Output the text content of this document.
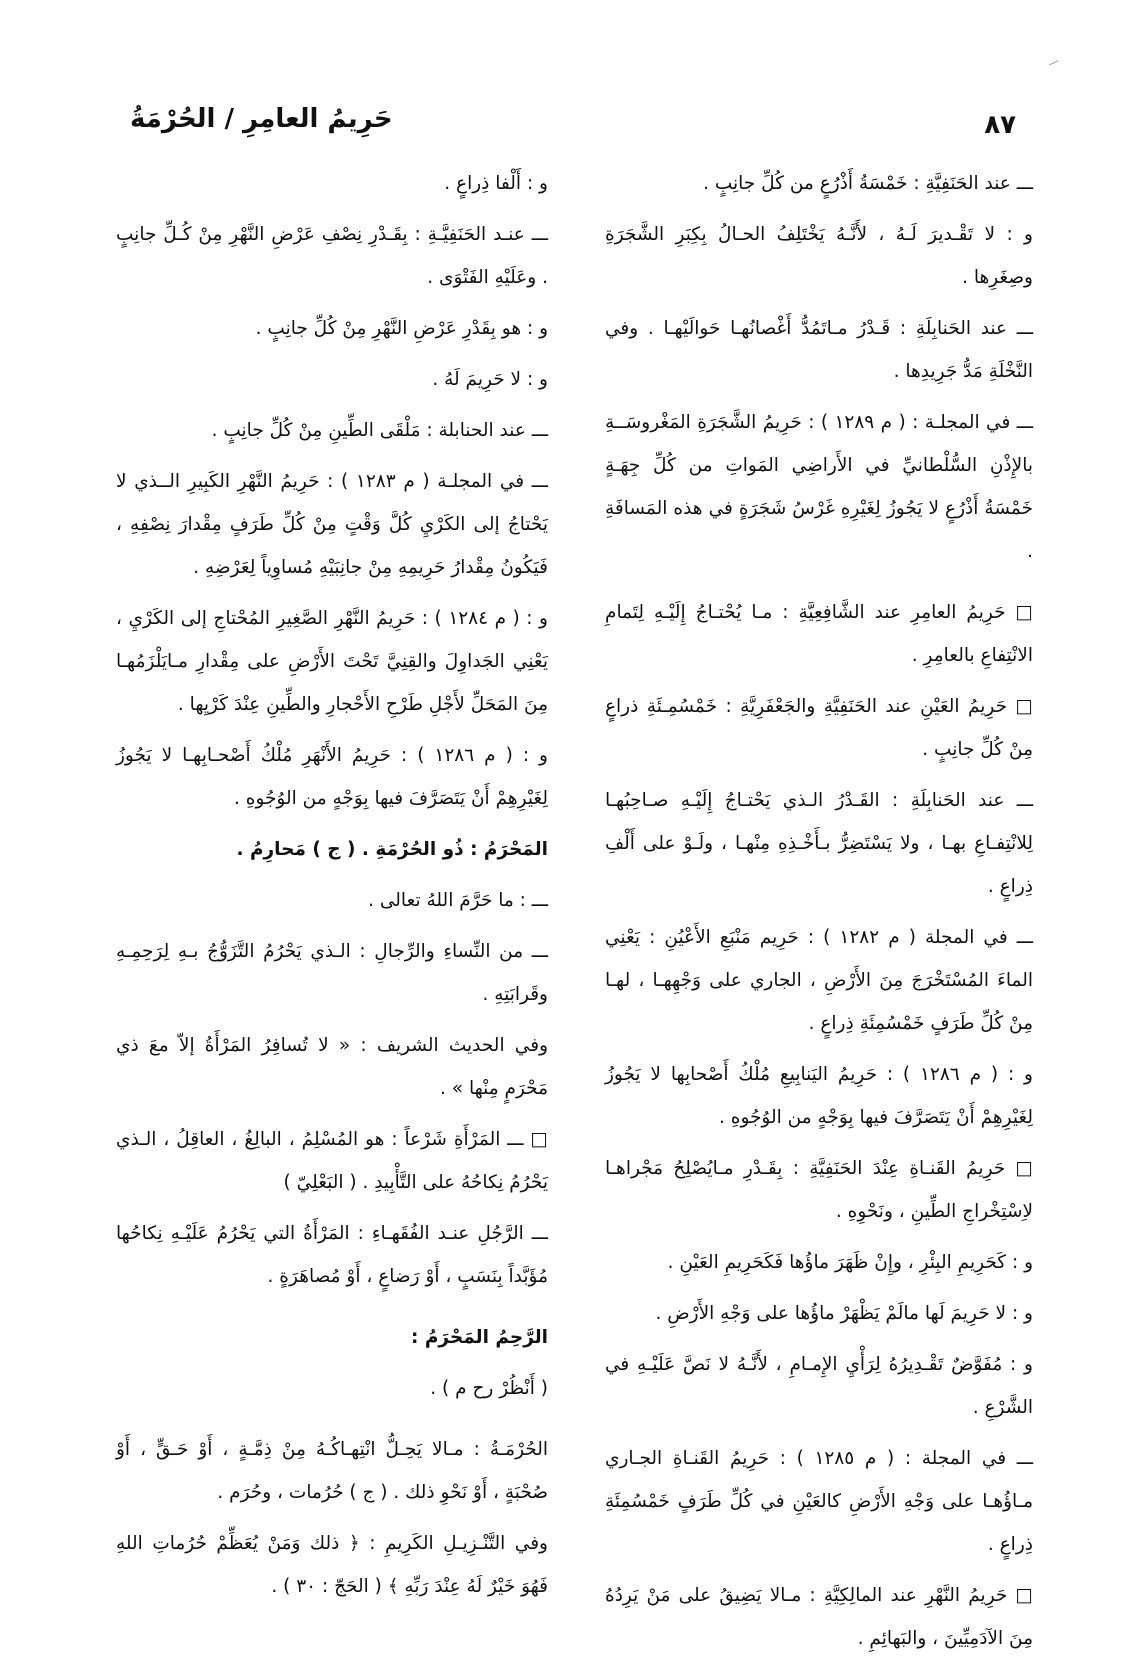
٨٧
حَرِيمُ العامِرِ / الحُرْمَةُ

ـــ عند الحَنَفِيَّةِ : خَمْسَةُ أَذْرُعٍ من كُلِّ جانِبٍ .

و : لا تَقْـديرَ لَـهُ ، لأَنَّـهُ يَخْتَلِفُ الحـالُ بِكِبَرِ الشَّجَرَةِ وصِغَرِها .

ـــ عند الحَنابِلَةِ : قَـدْرُ مـاتَمُدُّ أَغْصانُهـا حَوالَيْهـا . وفي النَّخْلَةِ مَدُّ جَرِيدِها .

ـــ في المجلـة : ( م ١٢٨٩ ) : حَرِيمُ الشَّجَرَةِ المَغْروسَــةِ بالإِذْنِ السُّلْطانيِّ في الأَراضِي المَواتِ من كُلِّ جِهَـةٍ خَمْسَةُ أَذْرُعٍ لا يَجُوزُ لِغَيْرِهِ غَرْسُ شَجَرَةٍ في هذه المَسافَةِ .

□ حَرِيمُ العامِرِ عند الشَّافِعِيَّةِ : مـا يُحْتـاجُ إِلَيْـهِ لِتَمامِ الانْتِفاعِ بالعامِرِ .

□ حَرِيمُ العَيْنِ عند الحَنَفِيَّةِ والجَعْفَرِيَّةِ : خَمْسُمِـئَةِ ذراعٍ مِنْ كُلِّ جانِبٍ .

ـــ عند الحَنابِلَةِ : القَـدْرُ الـذي يَحْتـاجُ إِلَيْـهِ صـاحِبُهـا لِلانْتِفـاعِ بهـا ، ولا يَسْتَضِرُّ بـأَخْـذِهِ مِنْهـا ، ولَـوْ على أَلْفِ ذِراعٍ .

ـــ في المجلة ( م ١٢٨٢ ) : حَرِيم مَنْبَعِ الأَعْيُنِ : يَعْنِي الماءَ المُسْتَخْرَجَ مِنَ الأَرْضِ ، الجاري على وَجْهِهـا ، لهـا مِنْ كُلِّ طَرَفٍ خَمْسُمِئَةِ ذِراعٍ .

و : ( م ١٢٨٦ ) : حَرِيمُ اليَنابِيعِ مُلْكُ أَصْحابِها لا يَجُوزُ لِغَيْرِهِمْ أَنْ يَتَصَرَّفَ فيها بِوَجْهٍ من الوُجُوهِ .

□ حَرِيمُ القَنـاةِ عِنْدَ الحَنَفِيَّةِ : بِقَـدْرِ مـايُصْلِحُ مَجْراهـا لاِسْتِخْراجِ الطِّينِ ، ونَحْوِهِ .

و : كَحَرِيمِ البِئْرِ ، وإِنْ ظَهَرَ ماؤُها فَكَحَرِيمِ العَيْنِ .

و : لا حَرِيمَ لَها مالَمْ يَظْهَرْ ماؤُها على وَجْهِ الأَرْضِ .

و : مُفَوَّضٌ تَقْـدِيرُهُ لِرَأْيِ الإِمـامِ ، لأَنَّـهُ لا نَصَّ عَلَيْـهِ في الشَّرْعِ .

ـــ في المجلة : ( م ١٢٨٥ ) : حَرِيمُ القَنـاةِ الجـاري مـاؤُهـا على وَجْهِ الأَرْضِ كالعَيْنِ في كُلِّ طَرَفٍ خَمْسُمِئَةِ ذِراعٍ .

□ حَرِيمُ النَّهْرِ عند المالِكِيَّةِ : مـالا يَضِيقُ على مَنْ يَرِدُهُ مِنَ الآدَمِيِّينَ ، والبَهائِمِ .

و : أَلْفا ذِراعٍ .

ـــ عنـد الحَنَفِيَّـةِ : بِقَـدْرِ نِصْفِ عَرْضِ النَّهْرِ مِنْ كُـلِّ جانِبٍ . وعَلَيْهِ الفَتْوَى .

و : هو بِقَدْرِ عَرْضِ النَّهْرِ مِنْ كُلِّ جانِبٍ .

و : لا حَرِيمَ لَهُ .

ـــ عند الحنابلة : مَلْقَى الطِّينِ مِنْ كُلِّ جانِبٍ .

ـــ في المجلـة ( م ١٢٨٣ ) : حَرِيمُ النَّهْرِ الكَبِيرِ الــذي لا يَحْتاجُ إلى الكَرْيِ كُلَّ وَقْتٍ مِنْ كُلِّ طَرَفٍ مِقْدارَ نِصْفِهِ ، فَيَكُونُ مِقْدارُ حَرِيمِهِ مِنْ جانِبَيْهِ مُساوِياً لِعَرْضِهِ .

و : ( م ١٢٨٤ ) : حَرِيمُ النَّهْرِ الصَّغِيرِ المُحْتاجِ إلى الكَرْيِ ، يَعْنِي الجَداوِلَ والقِنِيَّ تَحْتَ الأَرْضِ على مِقْدارِ مـايَلْزَمُهـا مِنَ المَحَلِّ لأَجْلِ طَرْحِ الأَحْجارِ والطِّينِ عِنْدَ كَرْيِها .

و : ( م ١٢٨٦ ) : حَرِيمُ الأَنْهَرِ مُلْكُ أَصْحـابِهـا لا يَجُوزُ لِغَيْرِهِمْ أَنْ يَتَصَرَّفَ فيها بِوَجْهٍ من الوُجُوهِ .

المَحْرَمُ : ذُو الحُرْمَةِ . ( ج ) مَحارِمُ .

ـــ : ما حَرَّمَ اللهُ تعالى .

ـــ من النِّساءِ والرِّجالِ : الـذي يَحْرُمُ التَّزَوُّجُ بـهِ لِرَحِمِـهِ وقَرابَتِهِ .

وفي الحديث الشريف : « لا تُسافِرُ المَرْأَةُ إلاّ معَ ذي مَحْرَمٍ مِنْها » .

□ ـــ المَرْأَةِ شَرْعاً : هو المُسْلِمُ ، البالِغُ ، العاقِلُ ، الـذي يَحْرُمُ نِكاحُهُ على التَّأْبِيدِ . ( البَعْلِيّ )

ـــ الرَّجُلِ عنـد الفُقَهـاءِ : المَرْأَةُ التي يَحْرُمُ عَلَيْـهِ نِكاحُها مُؤَبَّداً بِنَسَبٍ ، أَوْ رَضاعٍ ، أَوْ مُصاهَرَةٍ .

الرَّحِمُ المَحْرَمُ :

( أَنْظُرْ رح م ) .

الحُرْمَـةُ : مـالا يَحِـلُّ انْتِهـاكُـهُ مِنْ ذِمَّـةٍ ، أَوْ حَـقٍّ ، أَوْ صُحْبَةٍ ، أَوْ نَحْوِ ذلك . ( ج ) حُرُمات ، وحُرَم .

وفي التَّنْـزِيـلِ الكَرِيمِ : ﴿ ذلك وَمَنْ يُعَظِّمْ حُرُماتِ اللهِ فَهُوَ خَيْرٌ لَهُ عِنْدَ رَبِّهِ ﴾ ( الحَجّ : ٣٠ ) .
